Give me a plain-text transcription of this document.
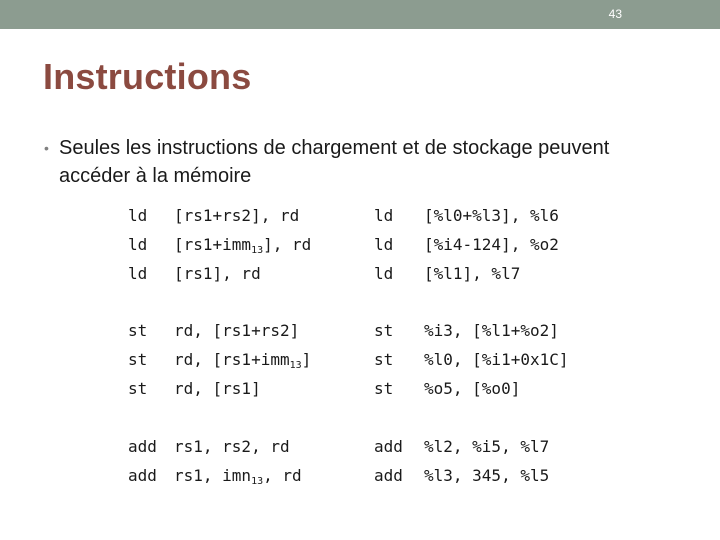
43
Instructions
• Seules les instructions de chargement et de stockage peuvent accéder à la mémoire
ld [rs1+rs2], rd	ld [%l0+%l3], %l6
ld [rs1+imm$_{13}$], rd	ld [%i4-124], %o2
ld [rs1], rd	ld [%l1], %l7
st rd, [rs1+rs2]	st %i3, [%l1+%o2]
st rd, [rs1+imm$_{13}$]	st %l0, [%i1+0x1C]
st rd, [rs1]	st %o5, [%o0]
add rs1, rs2, rd	add %l2, %i5, %l7
add rs1, imn$_{13}$, rd	add %l3, 345, %l5
